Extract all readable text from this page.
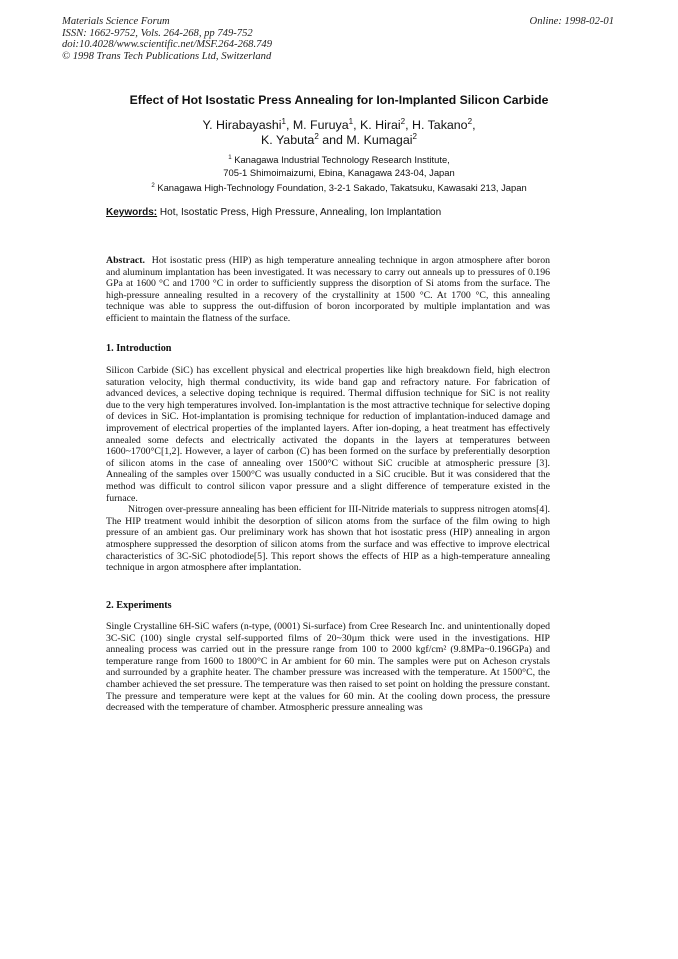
Materials Science Forum
ISSN: 1662-9752, Vols. 264-268, pp 749-752
doi:10.4028/www.scientific.net/MSF.264-268.749
© 1998 Trans Tech Publications Ltd, Switzerland
Online: 1998-02-01
Effect of Hot Isostatic Press Annealing for Ion-Implanted Silicon Carbide
Y. Hirabayashi$^1$, M. Furuya$^1$, K. Hirai$^2$, H. Takano$^2$,
K. Yabuta$^2$ and M. Kumagai$^2$
$^1$ Kanagawa Industrial Technology Research Institute,
705-1 Shimoimaizumi, Ebina, Kanagawa 243-04, Japan
$^2$ Kanagawa High-Technology Foundation, 3-2-1 Sakado, Takatsuku, Kawasaki 213, Japan
Keywords: Hot, Isostatic Press, High Pressure, Annealing, Ion Implantation

Abstract. Hot isostatic press (HIP) as high temperature annealing technique in argon atmosphere after boron and aluminum implantation has been investigated. It was necessary to carry out anneals up to pressures of 0.196 GPa at 1600 °C and 1700 °C in order to sufficiently suppress the disorption of Si atoms from the surface. The high-pressure annealing resulted in a recovery of the crystallinity at 1500 °C. At 1700 °C, this annealing technique was able to suppress the out-diffusion of boron incorporated by multiple implantation and was efficient to maintain the flatness of the surface.

1. Introduction

Silicon Carbide (SiC) has excellent physical and electrical properties like high breakdown field, high electron saturation velocity, high thermal conductivity, its wide band gap and refractory nature. For fabrication of advanced devices, a selective doping technique is required. Thermal diffusion technique for SiC is not reality due to the very high temperatures involved. Ion-implantation is the most attractive technique for selective doping of devices in SiC. Hot-implantation is promising technique for reduction of implantation-induced damage and improvement of electrical properties of the implanted layers. After ion-doping, a heat treatment has effectively annealed some defects and electrically activated the dopants in the layers at temperatures between 1600~1700°C[1,2]. However, a layer of carbon (C) has been formed on the surface by preferentially desorption of silicon atoms in the case of annealing over 1500°C without SiC crucible at atmospheric pressure [3]. Annealing of the samples over 1500°C was usually conducted in a SiC crucible. But it was considered that the method was difficult to control silicon vapor pressure and a slight difference of temperature existed in the furnace.

Nitrogen over-pressure annealing has been efficient for III-Nitride materials to suppress nitrogen atoms[4]. The HIP treatment would inhibit the desorption of silicon atoms from the surface of the film owing to high pressure of an ambient gas. Our preliminary work has shown that hot isostatic press (HIP) annealing in argon atmosphere suppressed the desorption of silicon atoms from the surface and was effective to improve electrical characteristics of 3C-SiC photodiode[5]. This report shows the effects of HIP as a high-temperature annealing technique in argon atmosphere after implantation.

2. Experiments

Single Crystalline 6H-SiC wafers (n-type, (0001) Si-surface) from Cree Research Inc. and unintentionally doped 3C-SiC (100) single crystal self-supported films of 20~30µm thick were used in the investigations. HIP annealing process was carried out in the pressure range from 100 to 2000 kgf/cm² (9.8MPa~0.196GPa) and temperature range from 1600 to 1800°C in Ar ambient for 60 min. The samples were put on Acheson crystals and surrounded by a graphite heater. The chamber pressure was increased with the temperature. At 1500°C, the chamber achieved the set pressure. The temperature was then raised to set point on holding the pressure constant. The pressure and temperature were kept at the values for 60 min. At the cooling down process, the pressure decreased with the temperature of chamber. Atmospheric pressure annealing was
